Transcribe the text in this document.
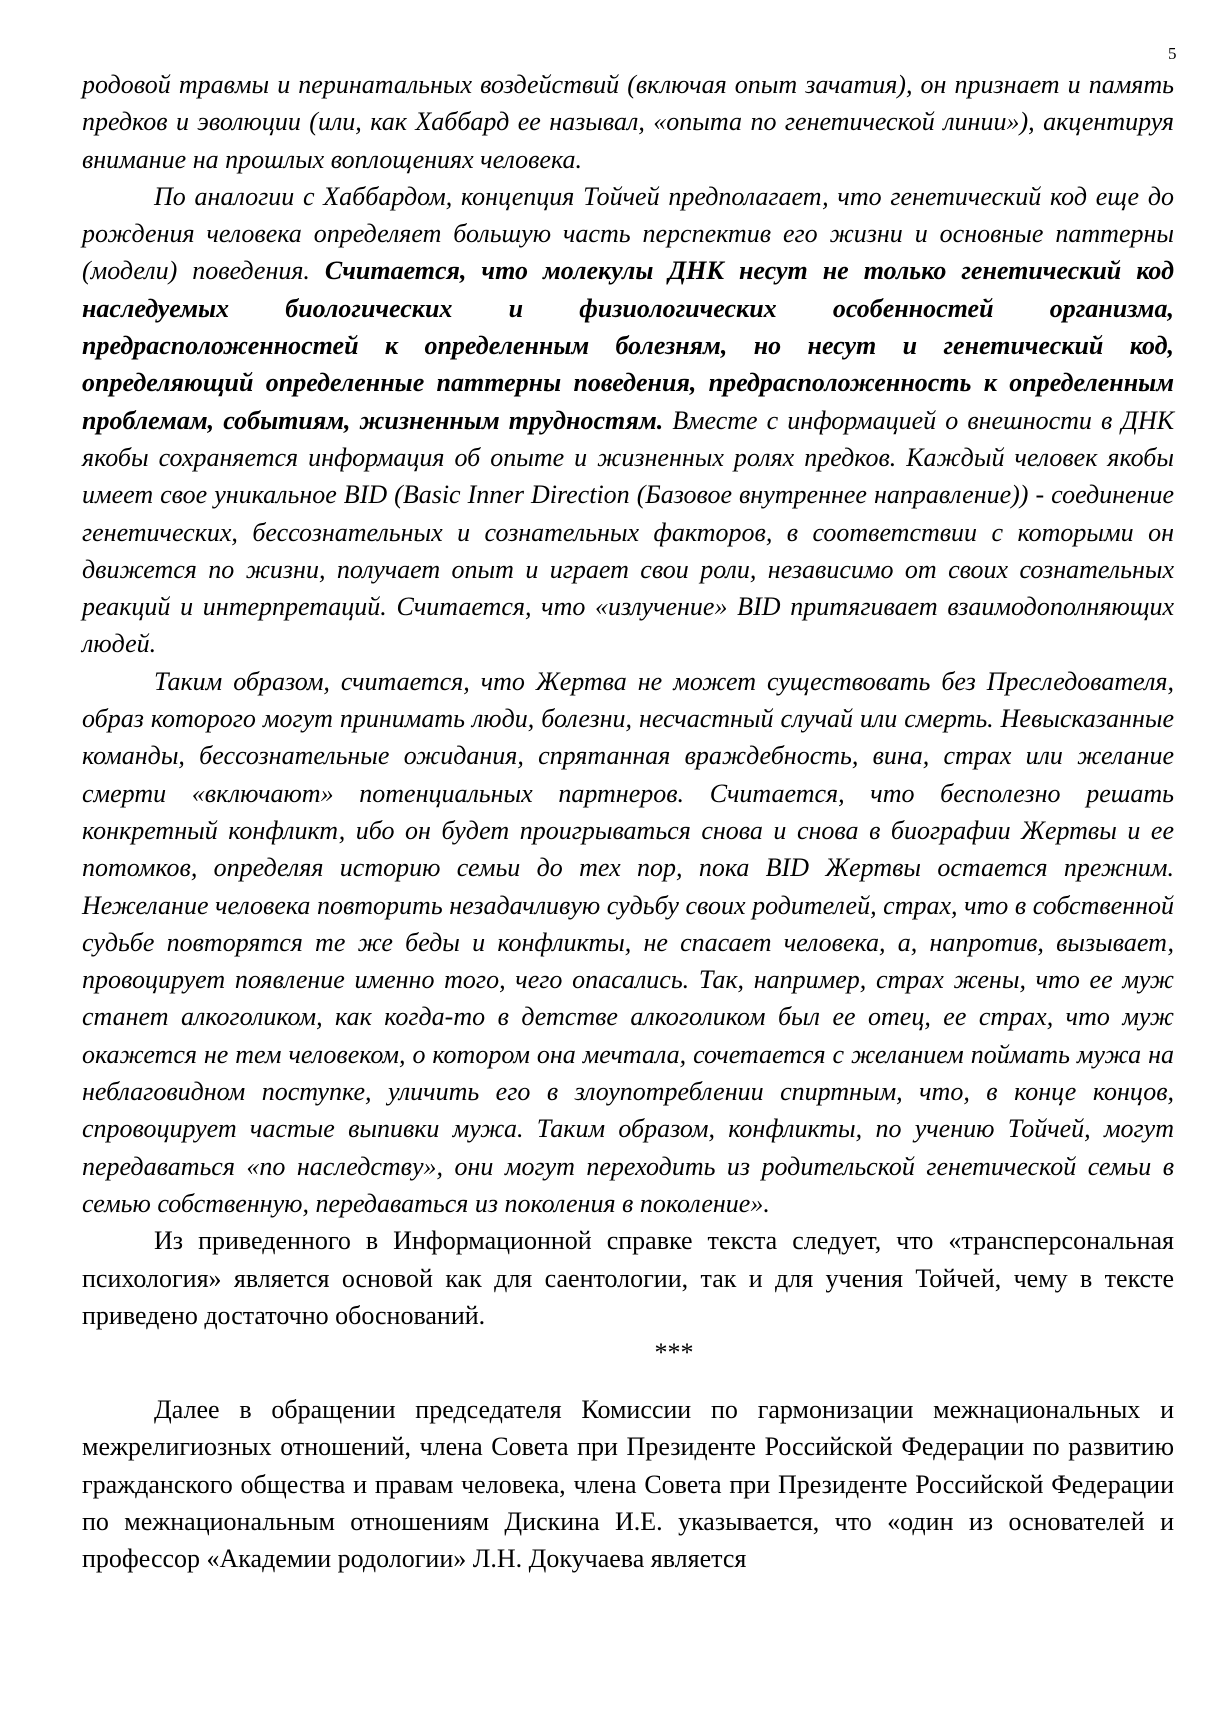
5

родовой травмы и перинатальных воздействий (включая опыт зачатия), он признает и память предков и эволюции (или, как Хаббард ее называл, «опыта по генетической линии»), акцентируя внимание на прошлых воплощениях человека.

По аналогии с Хаббардом, концепция Тойчей предполагает, что генетический код еще до рождения человека определяет большую часть перспектив его жизни и основные паттерны (модели) поведения. Считается, что молекулы ДНК несут не только генетический код наследуемых биологических и физиологических особенностей организма, предрасположенностей к определенным болезням, но несут и генетический код, определяющий определенные паттерны поведения, предрасположенность к определенным проблемам, событиям, жизненным трудностям. Вместе с информацией о внешности в ДНК якобы сохраняется информация об опыте и жизненных ролях предков. Каждый человек якобы имеет свое уникальное BID (Basic Inner Direction (Базовое внутреннее направление)) - соединение генетических, бессознательных и сознательных факторов, в соответствии с которыми он движется по жизни, получает опыт и играет свои роли, независимо от своих сознательных реакций и интерпретаций. Считается, что «излучение» BID притягивает взаимодополняющих людей.

Таким образом, считается, что Жертва не может существовать без Преследователя, образ которого могут принимать люди, болезни, несчастный случай или смерть. Невысказанные команды, бессознательные ожидания, спрятанная враждебность, вина, страх или желание смерти «включают» потенциальных партнеров. Считается, что бесполезно решать конкретный конфликт, ибо он будет проигрываться снова и снова в биографии Жертвы и ее потомков, определяя историю семьи до тех пор, пока BID Жертвы остается прежним. Нежелание человека повторить незадачливую судьбу своих родителей, страх, что в собственной судьбе повторятся те же беды и конфликты, не спасает человека, а, напротив, вызывает, провоцирует появление именно того, чего опасались. Так, например, страх жены, что ее муж станет алкоголиком, как когда-то в детстве алкоголиком был ее отец, ее страх, что муж окажется не тем человеком, о котором она мечтала, сочетается с желанием поймать мужа на неблаговидном поступке, уличить его в злоупотреблении спиртным, что, в конце концов, спровоцирует частые выпивки мужа. Таким образом, конфликты, по учению Тойчей, могут передаваться «по наследству», они могут переходить из родительской генетической семьи в семью собственную, передаваться из поколения в поколение».

Из приведенного в Информационной справке текста следует, что «трансперсональная психология» является основой как для саентологии, так и для учения Тойчей, чему в тексте приведено достаточно обоснований.

***

Далее в обращении председателя Комиссии по гармонизации межнациональных и межрелигиозных отношений, члена Совета при Президенте Российской Федерации по развитию гражданского общества и правам человека, члена Совета при Президенте Российской Федерации по межнациональным отношениям Дискина И.Е. указывается, что «один из основателей и профессор «Академии родологии» Л.Н. Докучаева является
